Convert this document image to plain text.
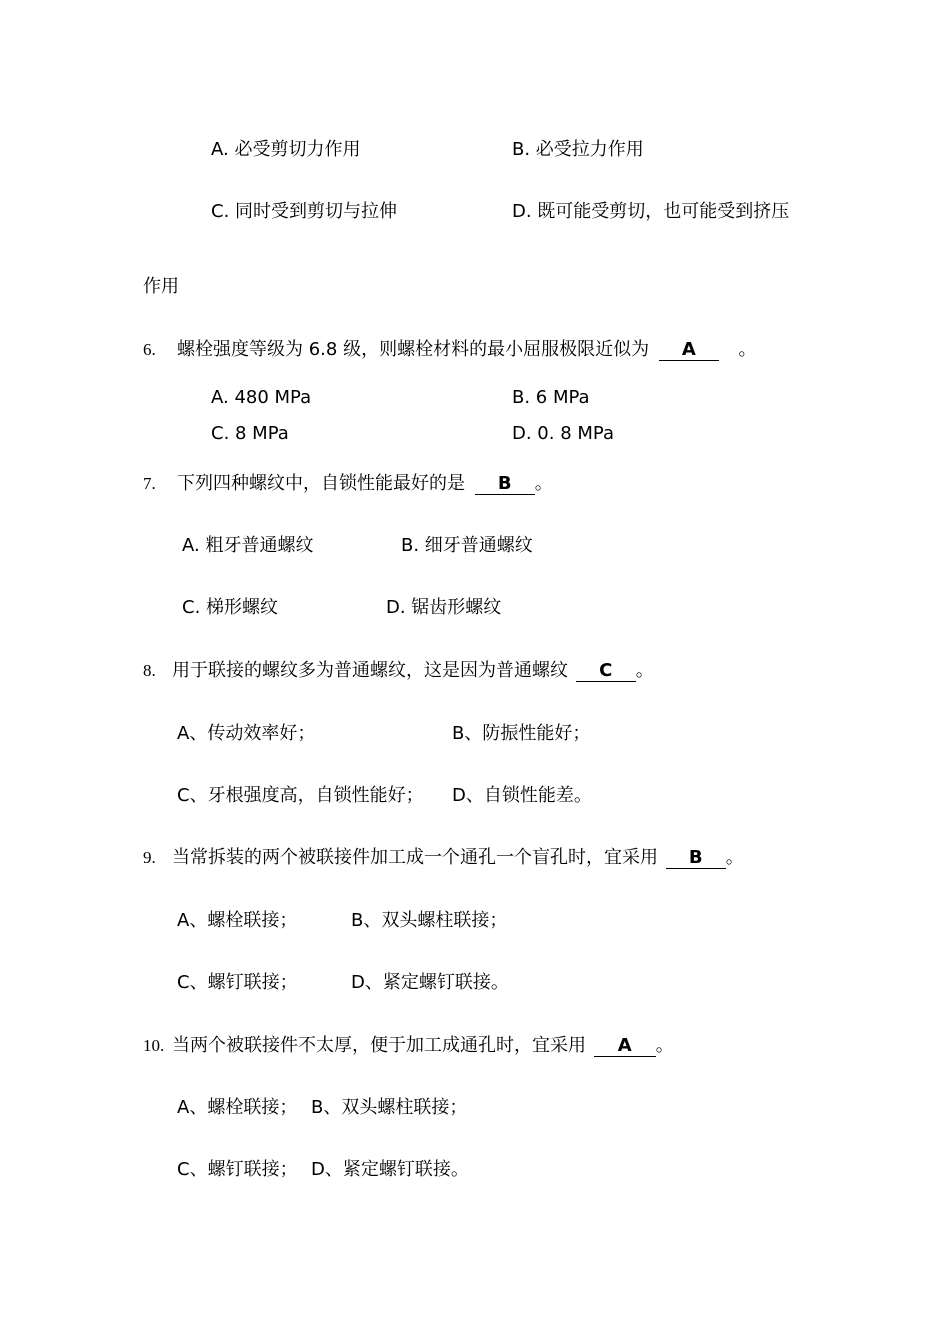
A. 必受剪切力作用	B. 必受拉力作用
C. 同时受到剪切与拉伸	D. 既可能受剪切，也可能受到挤压
作用
6. 螺栓强度等级为 6.8 级，则螺栓材料的最小屈服极限近似为 A 。
A. 480 MPa	B. 6 MPa
C. 8 MPa	D. 0. 8 MPa
7. 下列四种螺纹中，自锁性能最好的是 B 。
A. 粗牙普通螺纹	B. 细牙普通螺纹
C. 梯形螺纹	D. 锯齿形螺纹
8. 用于联接的螺纹多为普通螺纹，这是因为普通螺纹 C 。
A、传动效率好；	B、防振性能好；
C、牙根强度高，自锁性能好； D、自锁性能差。
9. 当常拆装的两个被联接件加工成一个通孔一个盲孔时，宜采用 B 。
A、螺栓联接；	B、双头螺柱联接；
C、螺钉联接；	D、紧定螺钉联接。
10. 当两个被联接件不太厚，便于加工成通孔时，宜采用 A 。
A、螺栓联接； B、双头螺柱联接；
C、螺钉联接； D、紧定螺钉联接。
